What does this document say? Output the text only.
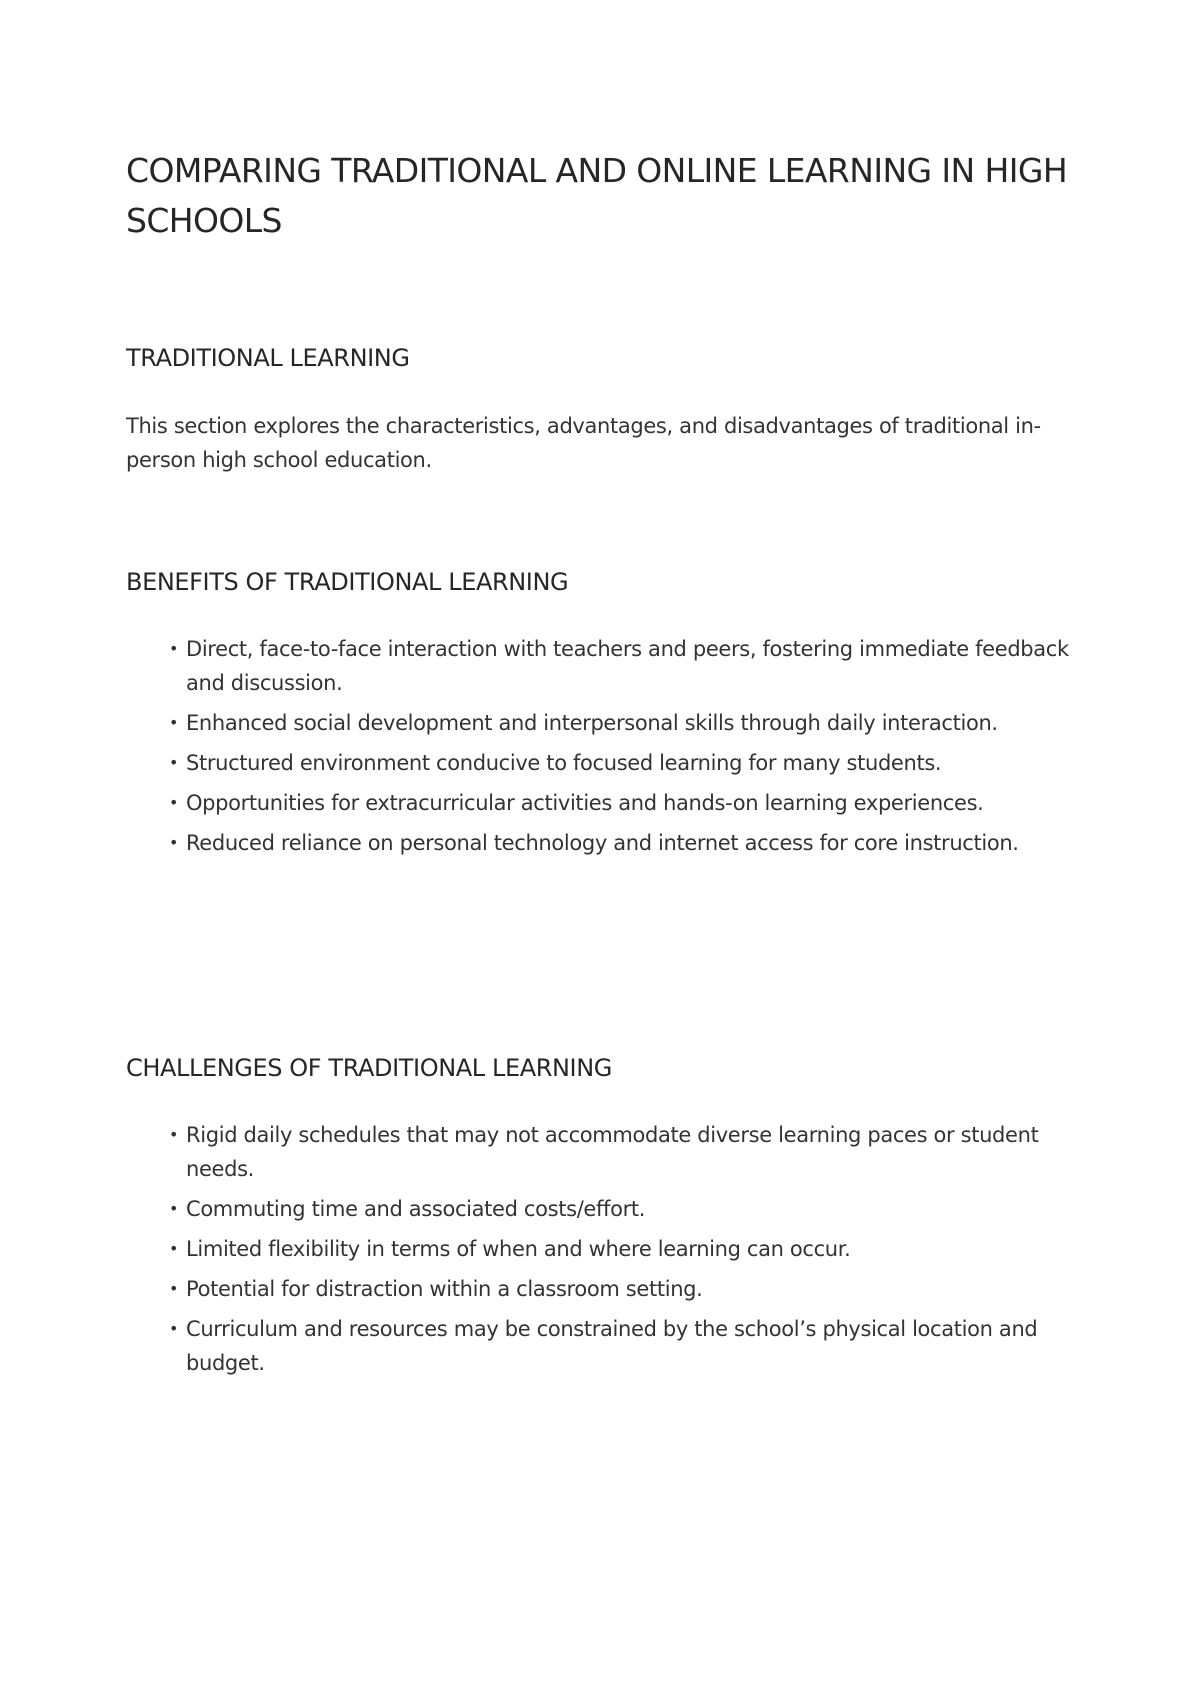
COMPARING TRADITIONAL AND ONLINE LEARNING IN HIGH SCHOOLS
TRADITIONAL LEARNING

This section explores the characteristics, advantages, and disadvantages of traditional in-person high school education.

BENEFITS OF TRADITIONAL LEARNING
• Direct, face-to-face interaction with teachers and peers, fostering immediate feedback and discussion.
• Enhanced social development and interpersonal skills through daily interaction.
• Structured environment conducive to focused learning for many students.
• Opportunities for extracurricular activities and hands-on learning experiences.
• Reduced reliance on personal technology and internet access for core instruction.
CHALLENGES OF TRADITIONAL LEARNING
• Rigid daily schedules that may not accommodate diverse learning paces or student needs.
• Commuting time and associated costs/effort.
• Limited flexibility in terms of when and where learning can occur.
• Potential for distraction within a classroom setting.
• Curriculum and resources may be constrained by the school’s physical location and budget.
